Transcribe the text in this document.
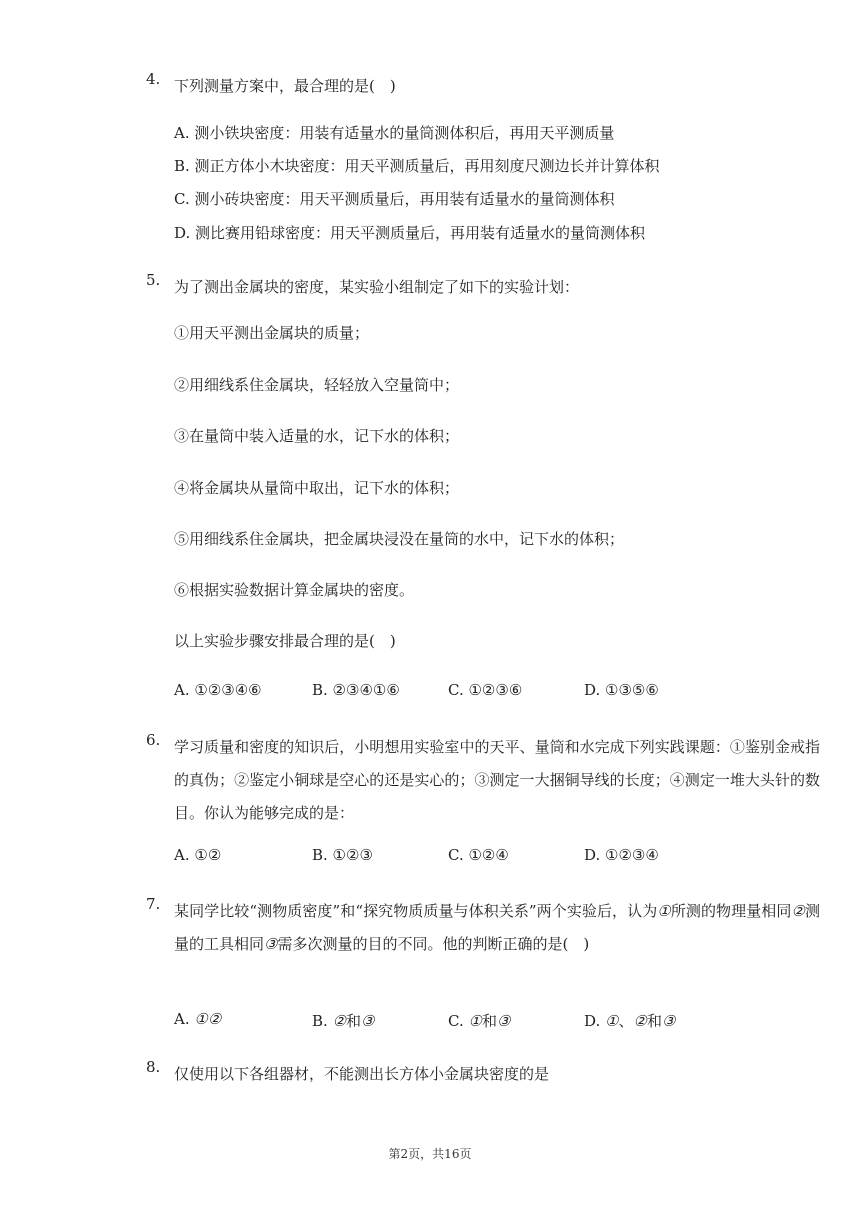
4. 下列测量方案中，最合理的是(　)
A. 测小铁块密度：用装有适量水的量筒测体积后，再用天平测质量
B. 测正方体小木块密度：用天平测质量后，再用刻度尺测边长并计算体积
C. 测小砖块密度：用天平测质量后，再用装有适量水的量筒测体积
D. 测比赛用铅球密度：用天平测质量后，再用装有适量水的量筒测体积
5. 为了测出金属块的密度，某实验小组制定了如下的实验计划：
①用天平测出金属块的质量；
②用细线系住金属块，轻轻放入空量筒中；
③在量筒中装入适量的水，记下水的体积；
④将金属块从量筒中取出，记下水的体积；
⑤用细线系住金属块，把金属块浸没在量筒的水中，记下水的体积；
⑥根据实验数据计算金属块的密度。
以上实验步骤安排最合理的是(　)
A. ①②③④⑥	B. ②③④①⑥	C. ①②③⑥	D. ①③⑤⑥
6. 学习质量和密度的知识后，小明想用实验室中的天平、量筒和水完成下列实践课题：①鉴别金戒指的真伪；②鉴定小铜球是空心的还是实心的；③测定一大捆铜导线的长度；④测定一堆大头针的数目。你认为能够完成的是：
A. ①②	B. ①②③	C. ①②④	D. ①②③④
7. 某同学比较“测物质密度”和“探究物质质量与体积关系”两个实验后，认为①所测的物理量相同②测量的工具相同③需多次测量的目的不同。他的判断正确的是(　)
A. ①②	B. ②和③	C. ①和③	D. ①、②和③
8. 仅使用以下各组器材，不能测出长方体小金属块密度的是
第2页，共16页
